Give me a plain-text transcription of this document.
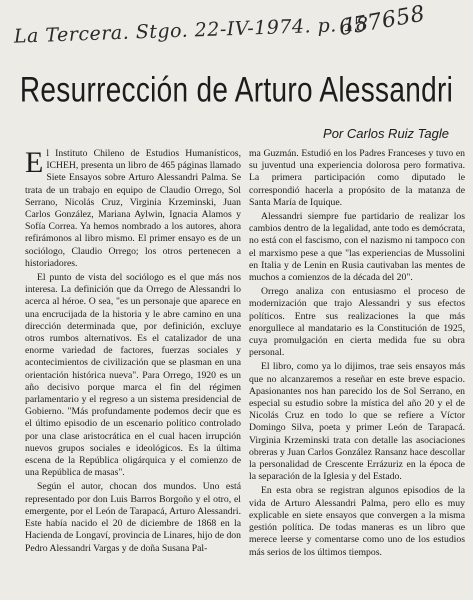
La Tercera. Stgo. 22-IV-1974. p. 18
657658
Resurrección de Arturo Alessandri
Por Carlos Ruiz Tagle

El Instituto Chileno de Estudios Humanísticos, ICHEH, presenta un libro de 465 páginas llamado Siete Ensayos sobre Arturo Alessandri Palma. Se trata de un trabajo en equipo de Claudio Orrego, Sol Serrano, Nicolás Cruz, Virginia Krzeminski, Juan Carlos González, Mariana Aylwin, Ignacia Alamos y Sofía Correa. Ya hemos nombrado a los autores, ahora refirámonos al libro mismo. El primer ensayo es de un sociólogo, Claudio Orrego; los otros pertenecen a historiadores.

El punto de vista del sociólogo es el que más nos interesa. La definición que da Orrego de Alessandri lo acerca al héroe. O sea, "es un personaje que aparece en una encrucijada de la historia y le abre camino en una dirección determinada que, por definición, excluye otros rumbos alternativos. Es el catalizador de una enorme variedad de factores, fuerzas sociales y acontecimientos de civilización que se plasman en una orientación histórica nueva". Para Orrego, 1920 es un año decisivo porque marca el fin del régimen parlamentario y el regreso a un sistema presidencial de Gobierno. "Más profundamente podemos decir que es el último episodio de un escenario político controlado por una clase aristocrática en el cual hacen irrupción nuevos grupos sociales e ideológicos. Es la última escena de la República oligárquica y el comienzo de una República de masas".

Según el autor, chocan dos mundos. Uno está representado por don Luis Barros Borgoño y el otro, el emergente, por el León de Tarapacá, Arturo Alessandri. Este había nacido el 20 de diciembre de 1868 en la Hacienda de Longaví, provincia de Linares, hijo de don Pedro Alessandri Vargas y de doña Susana Pal-

ma Guzmán. Estudió en los Padres Franceses y tuvo en su juventud una experiencia dolorosa pero formativa. La primera participación como diputado le correspondió hacerla a propósito de la matanza de Santa María de Iquique.

Alessandri siempre fue partidario de realizar los cambios dentro de la legalidad, ante todo es demócrata, no está con el fascismo, con el nazismo ni tampoco con el marxismo pese a que "las experiencias de Mussolini en Italia y de Lenin en Rusia cautivaban las mentes de muchos a comienzos de la década del 20".

Orrego analiza con entusiasmo el proceso de modernización que trajo Alessandri y sus efectos políticos. Entre sus realizaciones la que más enorgullece al mandatario es la Constitución de 1925, cuya promulgación en cierta medida fue su obra personal.

El libro, como ya lo dijimos, trae seis ensayos más que no alcanzaremos a reseñar en este breve espacio. Apasionantes nos han parecido los de Sol Serrano, en especial su estudio sobre la mística del año 20 y el de Nicolás Cruz en todo lo que se refiere a Víctor Domingo Silva, poeta y primer León de Tarapacá. Virginia Krzeminski trata con detalle las asociaciones obreras y Juan Carlos González Ransanz hace descollar la personalidad de Crescente Errázuriz en la época de la separación de la Iglesia y del Estado.

En esta obra se registran algunos episodios de la vida de Arturo Alessandri Palma, pero ello es muy explicable en siete ensayos que convergen a la misma gestión política. De todas maneras es un libro que merece leerse y comentarse como uno de los estudios más serios de los últimos tiempos.
